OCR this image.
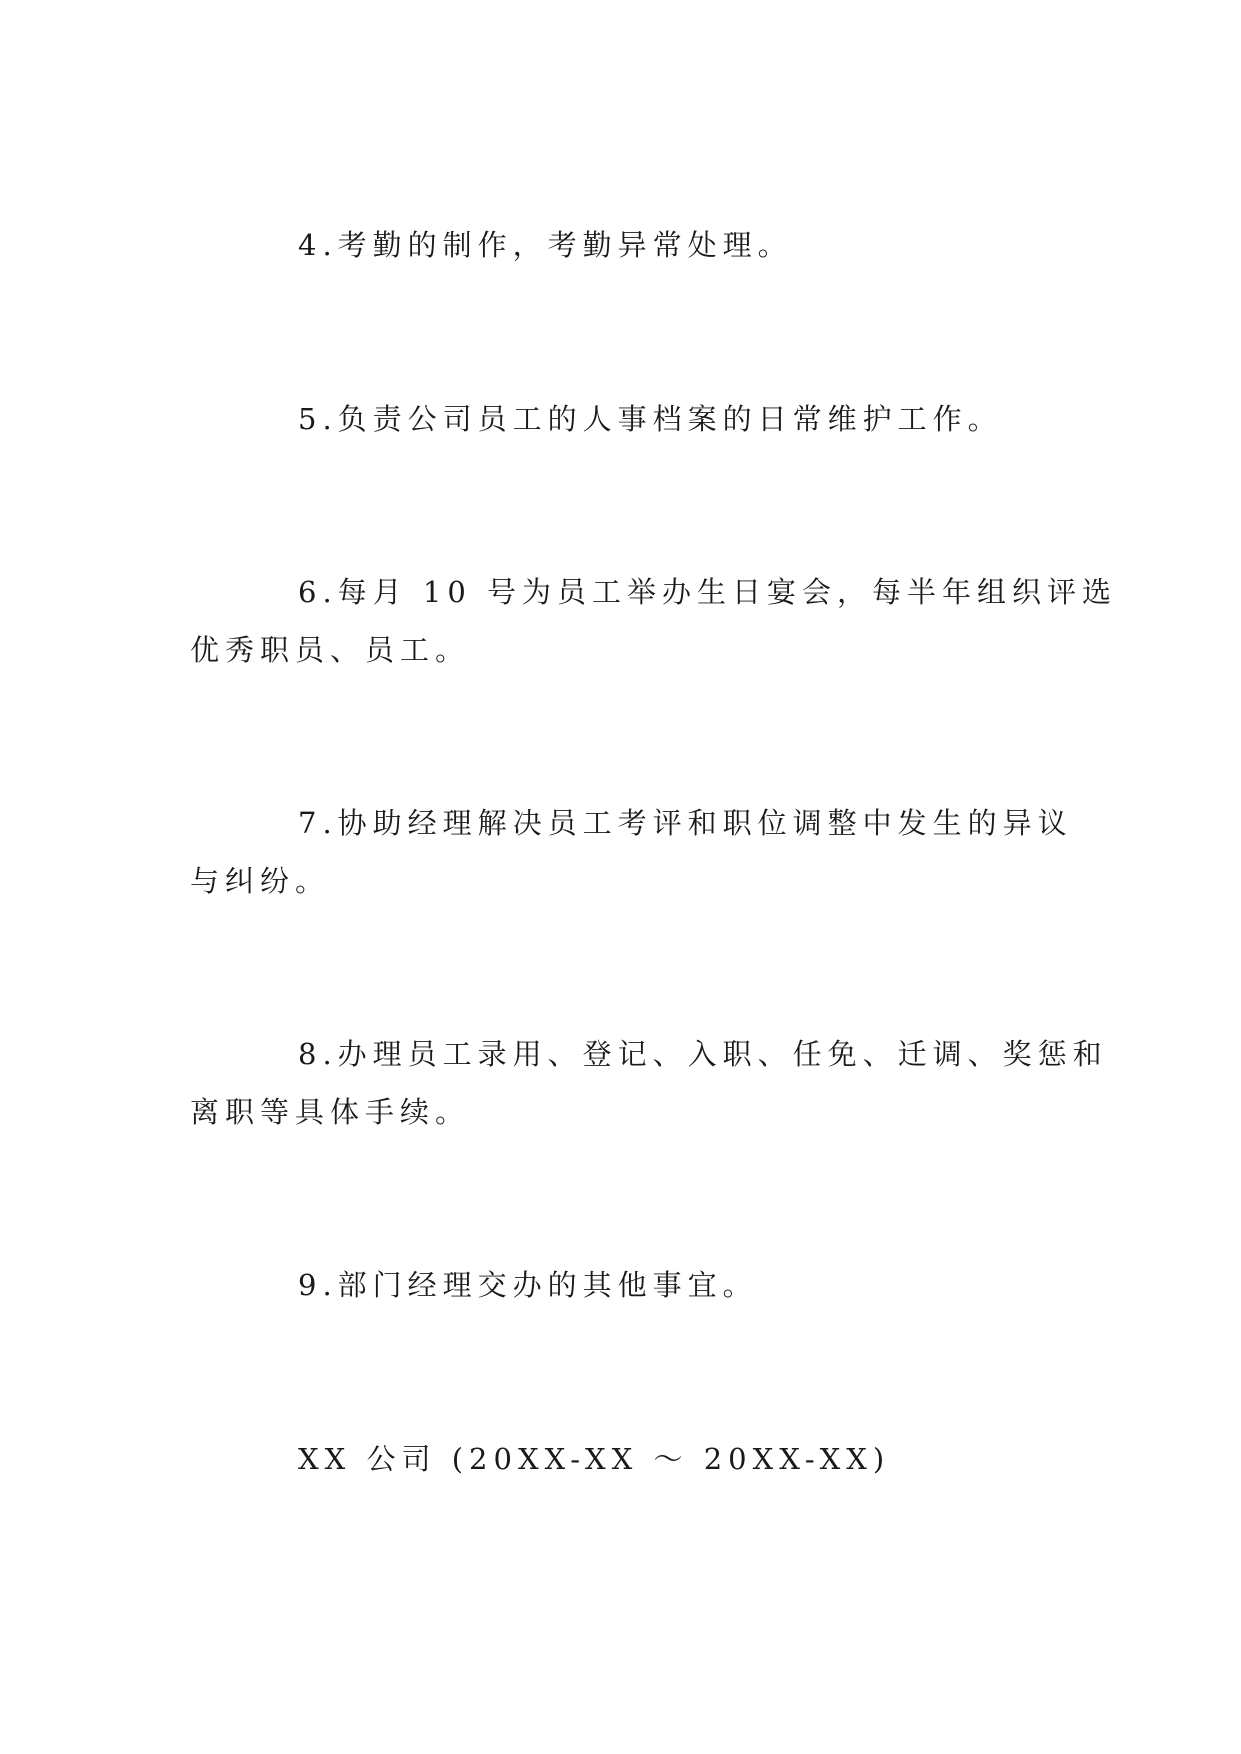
4.考勤的制作，考勤异常处理。

5.负责公司员工的人事档案的日常维护工作。

6.每月 10 号为员工举办生日宴会，每半年组织评选
优秀职员、员工。

7.协助经理解决员工考评和职位调整中发生的异议
与纠纷。

8.办理员工录用、登记、入职、任免、迁调、奖惩和
离职等具体手续。

9.部门经理交办的其他事宜。

XX 公司 (20XX-XX ～ 20XX-XX)
